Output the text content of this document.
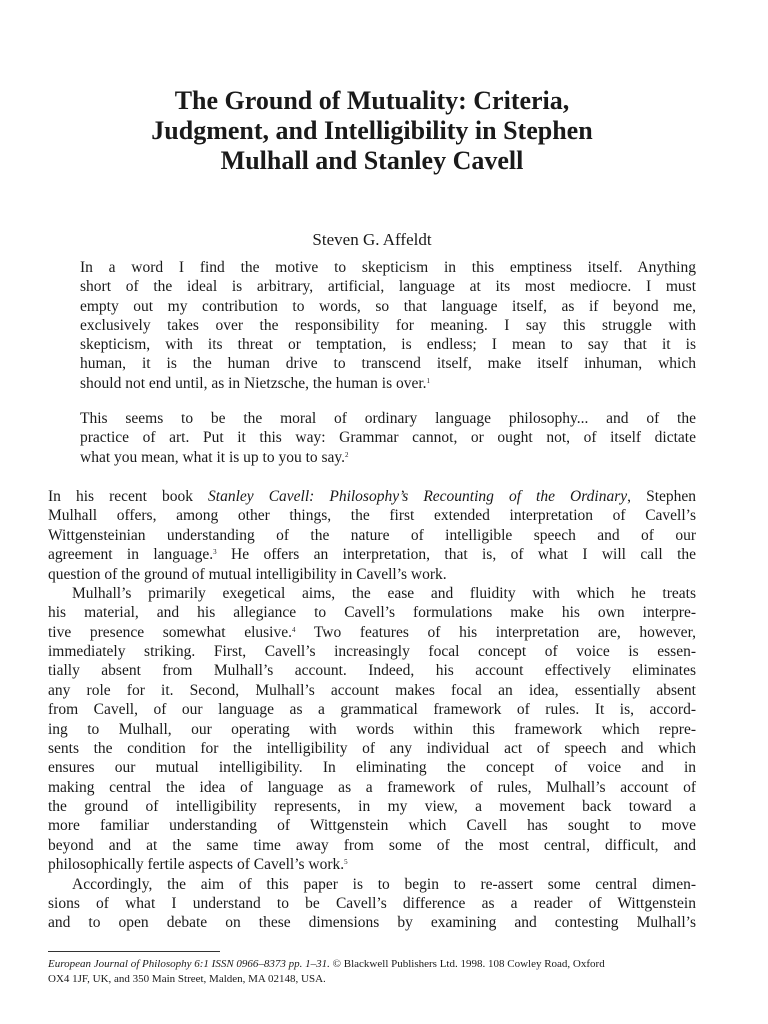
The Ground of Mutuality: Criteria,
Judgment, and Intelligibility in Stephen
Mulhall and Stanley Cavell

Steven G. Affeldt

In a word I find the motive to skepticism in this emptiness itself. Anything
short of the ideal is arbitrary, artificial, language at its most mediocre. I must
empty out my contribution to words, so that language itself, as if beyond me,
exclusively takes over the responsibility for meaning. I say this struggle with
skepticism, with its threat or temptation, is endless; I mean to say that it is
human, it is the human drive to transcend itself, make itself inhuman, which
should not end until, as in Nietzsche, the human is over.$^1$
This seems to be the moral of ordinary language philosophy... and of the
practice of art. Put it this way: Grammar cannot, or ought not, of itself dictate
what you mean, what it is up to you to say.$^2$
In his recent book Stanley Cavell: Philosophy’s Recounting of the Ordinary, Stephen
Mulhall offers, among other things, the first extended interpretation of Cavell’s
Wittgensteinian understanding of the nature of intelligible speech and of our
agreement in language.$^3$ He offers an interpretation, that is, of what I will call the
question of the ground of mutual intelligibility in Cavell’s work.
Mulhall’s primarily exegetical aims, the ease and fluidity with which he treats
his material, and his allegiance to Cavell’s formulations make his own interpre-
tive presence somewhat elusive.$^4$ Two features of his interpretation are, however,
immediately striking. First, Cavell’s increasingly focal concept of voice is essen-
tially absent from Mulhall’s account. Indeed, his account effectively eliminates
any role for it. Second, Mulhall’s account makes focal an idea, essentially absent
from Cavell, of our language as a grammatical framework of rules. It is, accord-
ing to Mulhall, our operating with words within this framework which repre-
sents the condition for the intelligibility of any individual act of speech and which
ensures our mutual intelligibility. In eliminating the concept of voice and in
making central the idea of language as a framework of rules, Mulhall’s account of
the ground of intelligibility represents, in my view, a movement back toward a
more familiar understanding of Wittgenstein which Cavell has sought to move
beyond and at the same time away from some of the most central, difficult, and
philosophically fertile aspects of Cavell’s work.$^5$
Accordingly, the aim of this paper is to begin to re-assert some central dimen-
sions of what I understand to be Cavell’s difference as a reader of Wittgenstein
and to open debate on these dimensions by examining and contesting Mulhall’s
European Journal of Philosophy 6:1 ISSN 0966–8373 pp. 1–31. © Blackwell Publishers Ltd. 1998. 108 Cowley Road, Oxford
OX4 1JF, UK, and 350 Main Street, Malden, MA 02148, USA.
